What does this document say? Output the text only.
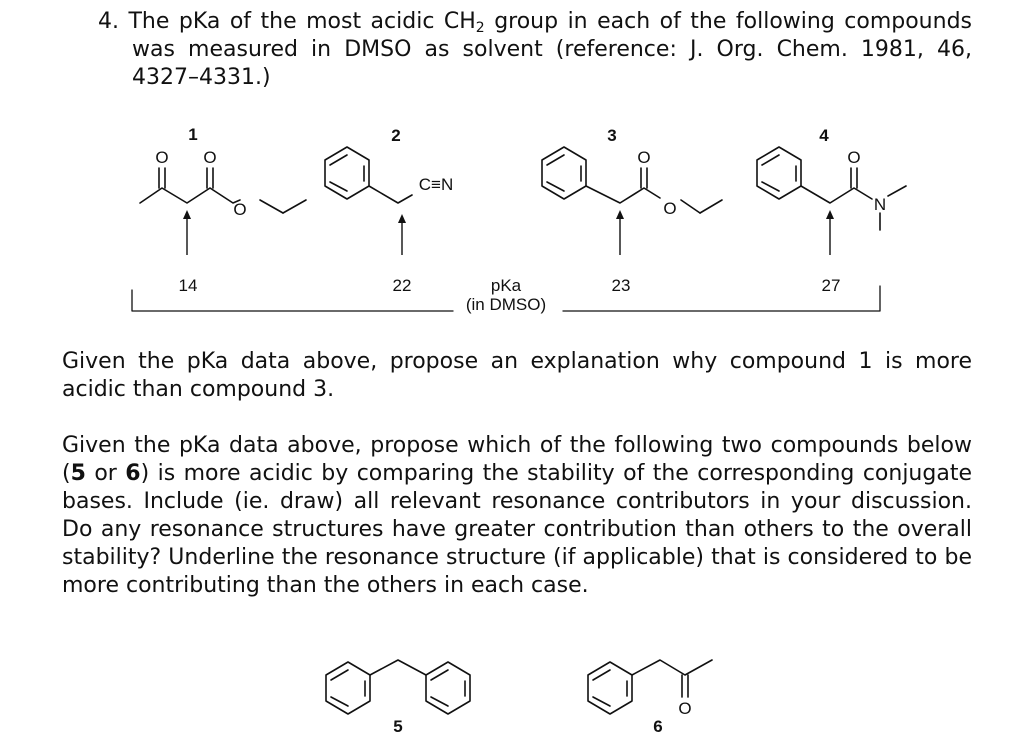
4. The pKa of the most acidic $CH_2$ group in each of the following compounds was measured in DMSO as solvent (reference: J. Org. Chem. 1981, 46, 4327–4331.)

O O
O
1
C≡N
2
O
O
3
O
N
4
14	22	23	27
pKa
(in DMSO)

Given the pKa data above, propose an explanation why compound 1 is more acidic than compound 3.

Given the pKa data above, propose which of the following two compounds below (5 or 6) is more acidic by comparing the stability of the corresponding conjugate bases. Include (ie. draw) all relevant resonance contributors in your discussion. Do any resonance structures have greater contribution than others to the overall stability? Underline the resonance structure (if applicable) that is considered to be more contributing than the others in each case.

5
O
6
